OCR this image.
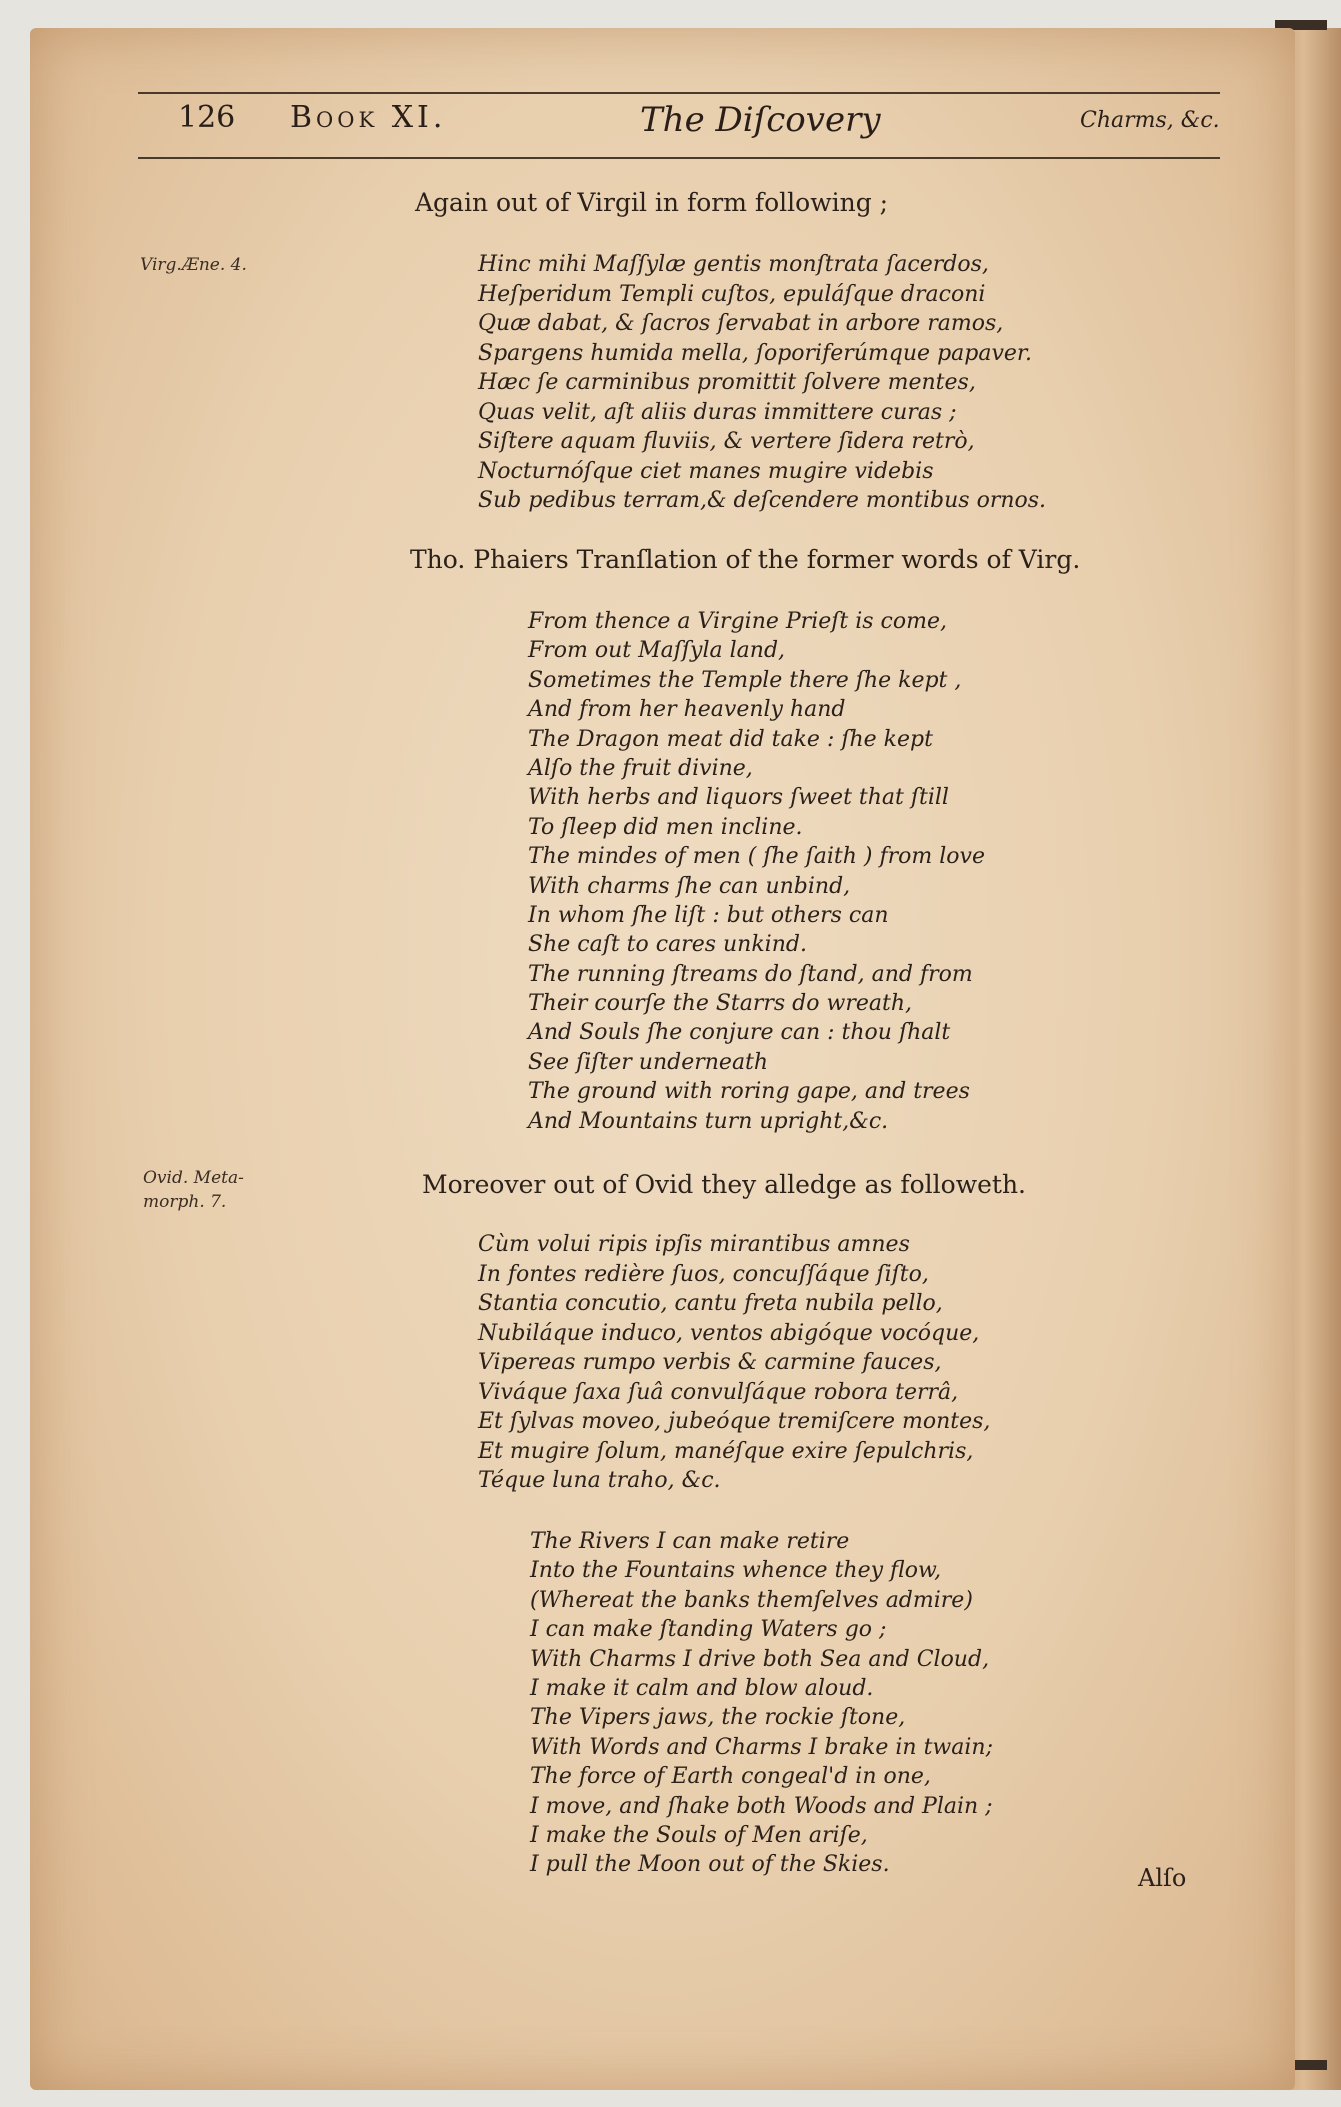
126 Book XI.	The Diſcovery	Charms, &c.
Again out of Virgil in form following ;
Virg.Æne. 4.	Hinc mihi Maſſylæ gentis monſtrata ſacerdos,
Heſperidum Templi cuſtos, epuláſque draconi
Quæ dabat, & ſacros ſervabat in arbore ramos,
Spargens humida mella, ſoporiferúmque papaver.
Hæc ſe carminibus promittit ſolvere mentes,
Quas velit, aſt aliis duras immittere curas ;
Siſtere aquam fluviis, & vertere ſidera retrò,
Nocturnóſque ciet manes mugire videbis
Sub pedibus terram,& deſcendere montibus ornos.
Tho. Phaiers Tranſlation of the former words of Virg.
From thence a Virgine Prieſt is come,
From out Maſſyla land,
Sometimes the Temple there ſhe kept ,
And from her heavenly hand
The Dragon meat did take : ſhe kept
Alſo the fruit divine,
With herbs and liquors ſweet that ſtill
To ſleep did men incline.
The mindes of men ( ſhe ſaith ) from love
With charms ſhe can unbind,
In whom ſhe liſt : but others can
She caſt to cares unkind.
The running ſtreams do ſtand, and from
Their courſe the Starrs do wreath,
And Souls ſhe conjure can : thou ſhalt
See ſiſter underneath
The ground with roring gape, and trees
And Mountains turn upright,&c.
Ovid. Meta-
morph. 7.
Moreover out of Ovid they alledge as followeth.
Cùm volui ripis ipſis mirantibus amnes
In fontes redière ſuos, concuſſáque ſiſto,
Stantia concutio, cantu freta nubila pello,
Nubiláque induco, ventos abigóque vocóque,
Vipereas rumpo verbis & carmine fauces,
Viváque ſaxa ſuâ convulſáque robora terrâ,
Et ſylvas moveo, jubeóque tremiſcere montes,
Et mugire ſolum, manéſque exire ſepulchris,
Téque luna traho, &c.
The Rivers I can make retire
Into the Fountains whence they flow,
(Whereat the banks themſelves admire)
I can make ſtanding Waters go ;
With Charms I drive both Sea and Cloud,
I make it calm and blow aloud.
The Vipers jaws, the rockie ſtone,
With Words and Charms I brake in twain;
The force of Earth congeal'd in one,
I move, and ſhake both Woods and Plain ;
I make the Souls of Men ariſe,
I pull the Moon out of the Skies.	Alſo
